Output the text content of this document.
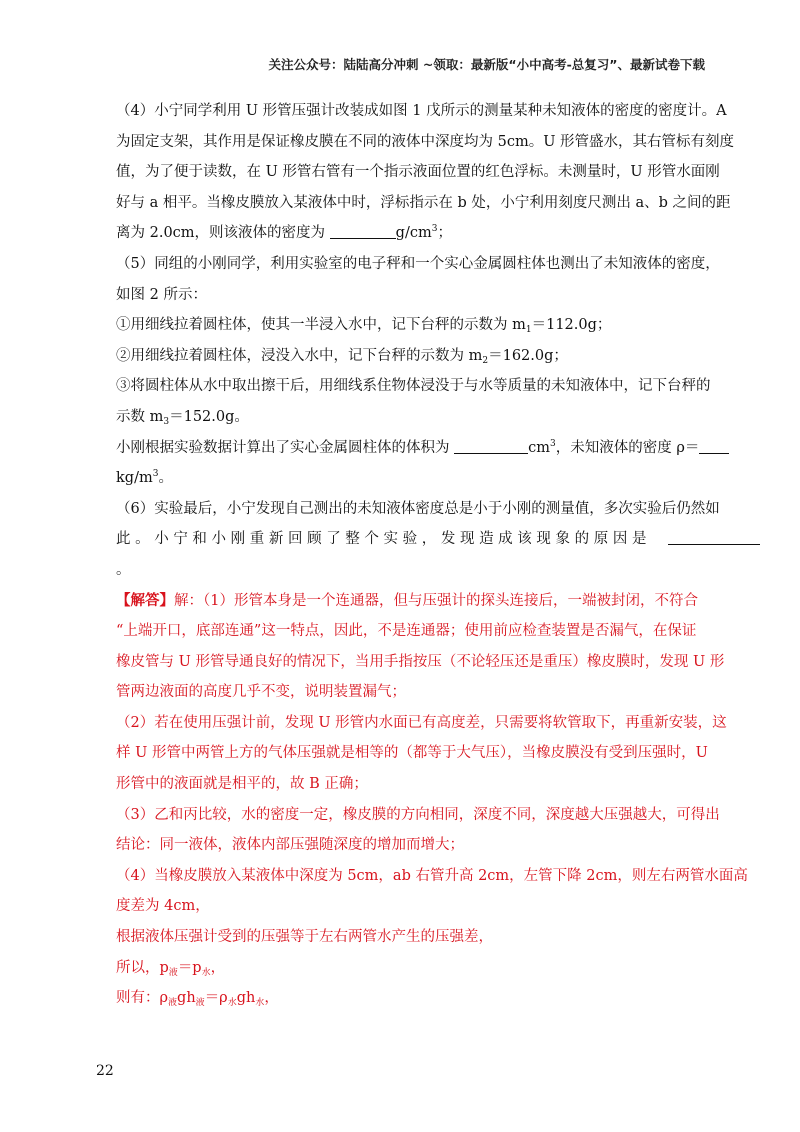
关注公众号：陆陆高分冲刺 ~领取：最新版“小中高考-总复习”、最新试卷下载

（4）小宁同学利用 U 形管压强计改装成如图 1 戊所示的测量某种未知液体的密度的密度计。A

为固定支架，其作用是保证橡皮膜在不同的液体中深度均为 5cm。U 形管盛水，其右管标有刻度

值，为了便于读数，在 U 形管右管有一个指示液面位置的红色浮标。未测量时，U 形管水面刚

好与 a 相平。当橡皮膜放入某液体中时，浮标指示在 b 处，小宁利用刻度尺测出 a、b 之间的距

离为 2.0cm，则该液体的密度为	$g/cm^3$；

（5）同组的小刚同学，利用实验室的电子秤和一个实心金属圆柱体也测出了未知液体的密度，

如图 2 所示：

①用细线拉着圆柱体，使其一半浸入水中，记下台秤的示数为 $m_1=112.0g$；

②用细线拉着圆柱体，浸没入水中，记下台秤的示数为 $m_2=162.0g$；

③将圆柱体从水中取出擦干后，用细线系住物体浸没于与水等质量的未知液体中，记下台秤的

示数 $m_3=152.0g$。

小刚根据实验数据计算出了实心金属圆柱体的体积为	$cm^3$，未知液体的密度 ρ＝

$kg/m^3$。

（6）实验最后，小宁发现自己测出的未知液体密度总是小于小刚的测量值，多次实验后仍然如

此 。 小 宁 和 小 刚 重 新 回 顾 了 整 个 实 验 ， 发 现 造 成 该 现 象 的 原 因 是

。

【解答】解：（1）形管本身是一个连通器，但与压强计的探头连接后，一端被封闭，不符合

“上端开口，底部连通”这一特点，因此，不是连通器；使用前应检查装置是否漏气，在保证

橡皮管与 U 形管导通良好的情况下，当用手指按压（不论轻压还是重压）橡皮膜时，发现 U 形

管两边液面的高度几乎不变，说明装置漏气；

（2）若在使用压强计前，发现 U 形管内水面已有高度差，只需要将软管取下，再重新安装，这

样 U 形管中两管上方的气体压强就是相等的（都等于大气压），当橡皮膜没有受到压强时，U

形管中的液面就是相平的，故 B 正确；

（3）乙和丙比较，水的密度一定，橡皮膜的方向相同，深度不同，深度越大压强越大，可得出

结论：同一液体，液体内部压强随深度的增加而增大；

（4）当橡皮膜放入某液体中深度为 5cm，ab 右管升高 2cm，左管下降 2cm，则左右两管水面高

度差为 4cm，

根据液体压强计受到的压强等于左右两管水产生的压强差，

所以，$p_液=p_水$，

则有：$\rho_液gh_液=\rho_水gh_水$，

22
